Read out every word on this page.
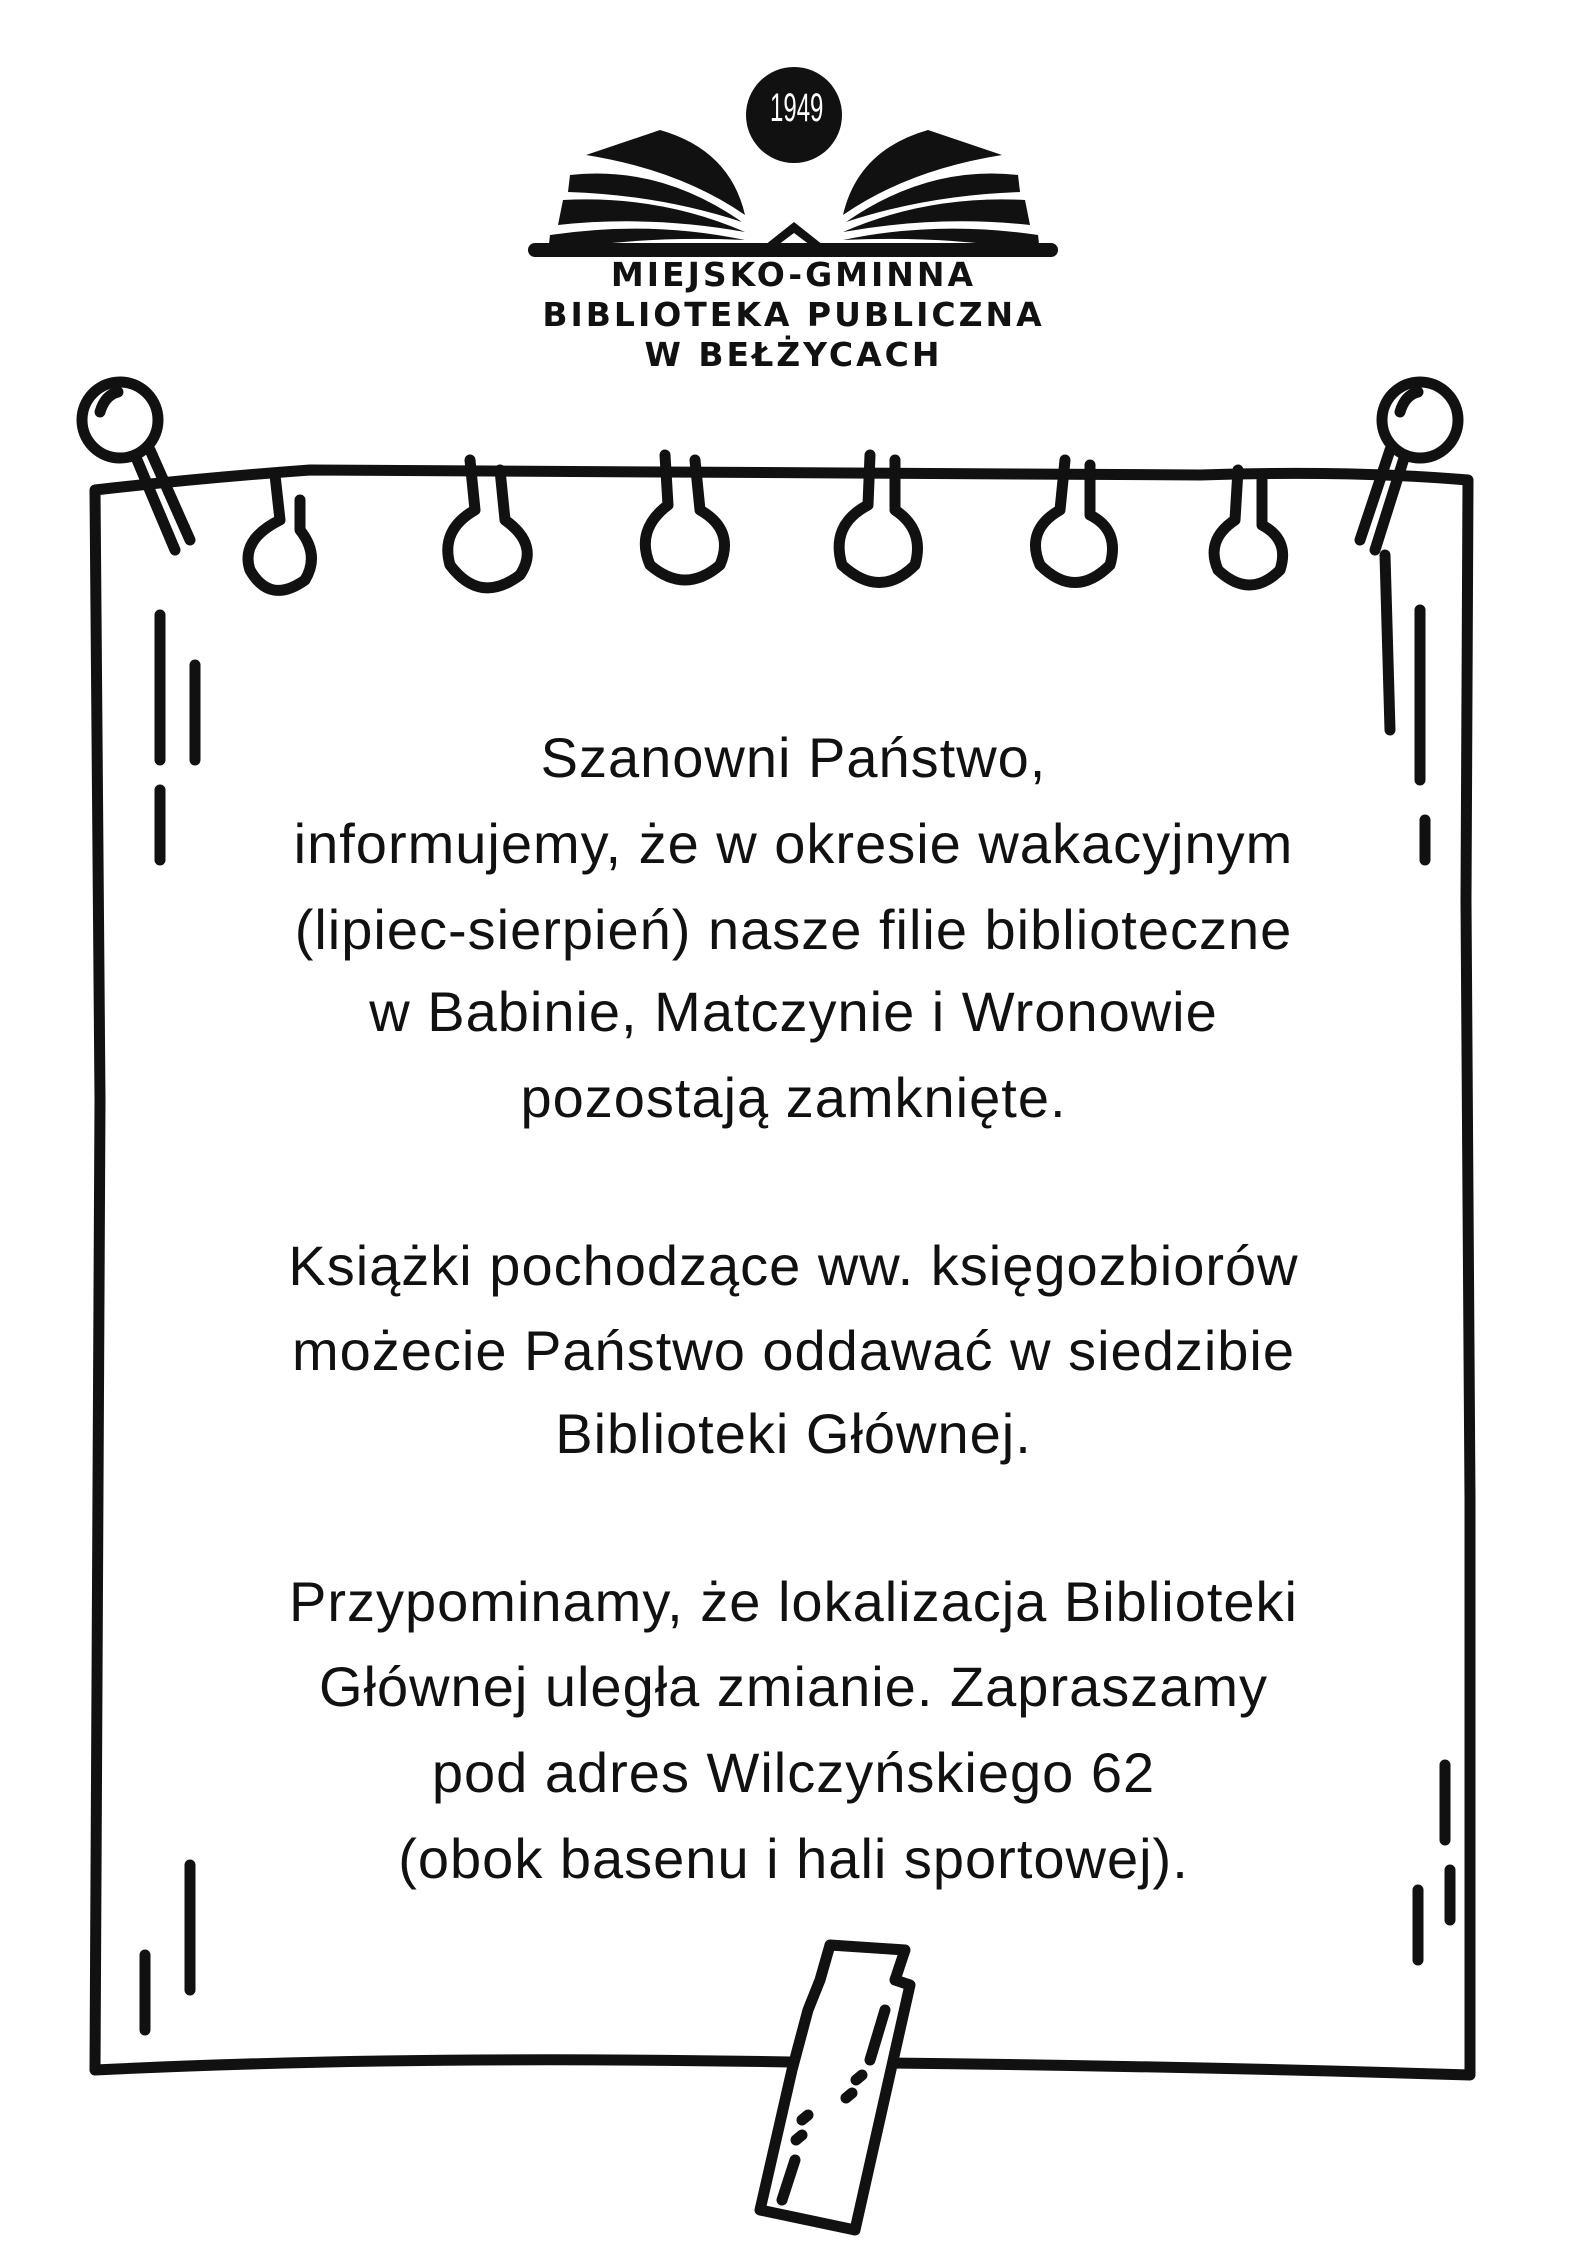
1949
MIEJSKO-GMINNA
BIBLIOTEKA PUBLICZNA
W BEŁŻYCACH
Szanowni Państwo,
informujemy, że w okresie wakacyjnym
(lipiec-sierpień) nasze filie biblioteczne
w Babinie, Matczynie i Wronowie
pozostają zamknięte.
Książki pochodzące ww. księgozbiorów
możecie Państwo oddawać w siedzibie
Biblioteki Głównej.
Przypominamy, że lokalizacja Biblioteki
Głównej uległa zmianie. Zapraszamy
pod adres Wilczyńskiego 62
(obok basenu i hali sportowej).
